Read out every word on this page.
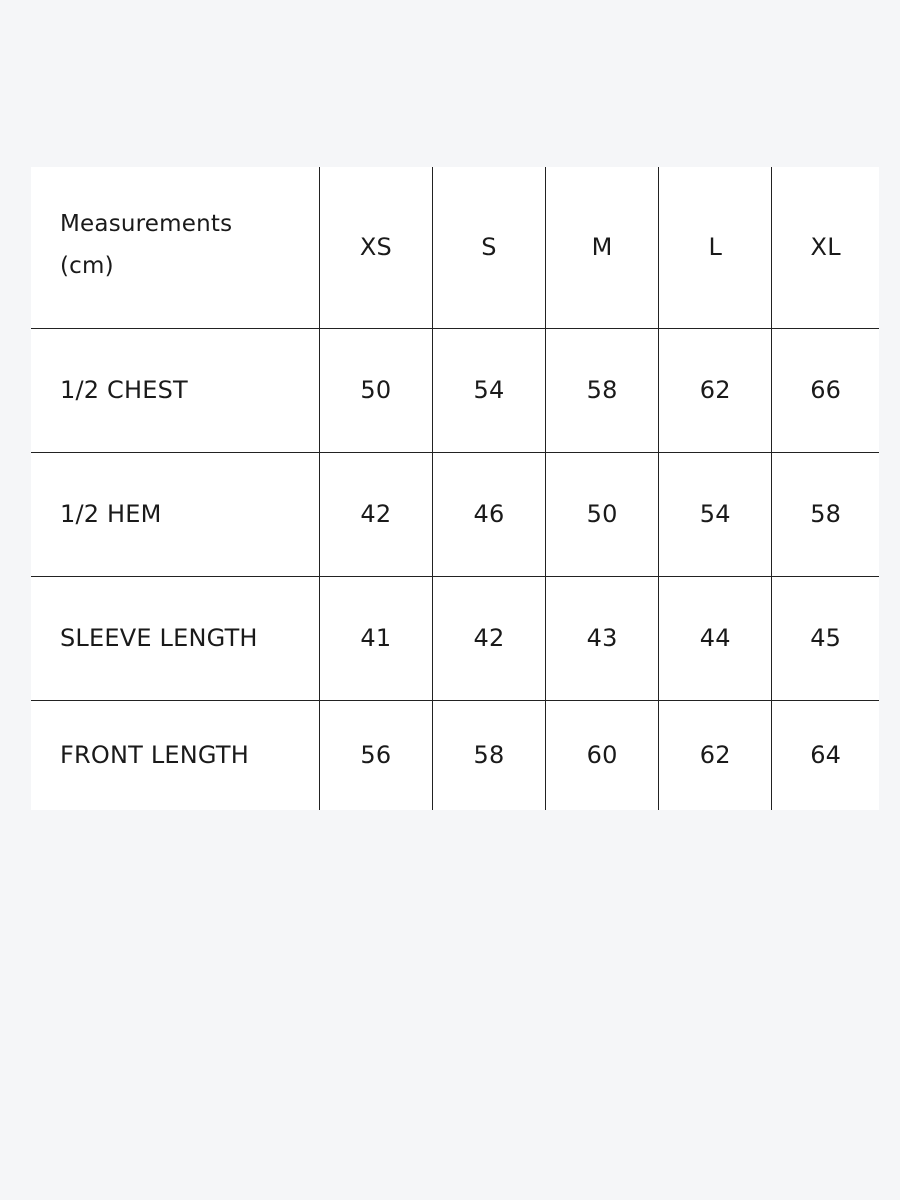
Measurements (cm)	XS	S	M	L	XL
1/2 CHEST	50	54	58	62	66
1/2 HEM	42	46	50	54	58
SLEEVE LENGTH	41	42	43	44	45
FRONT LENGTH	56	58	60	62	64
